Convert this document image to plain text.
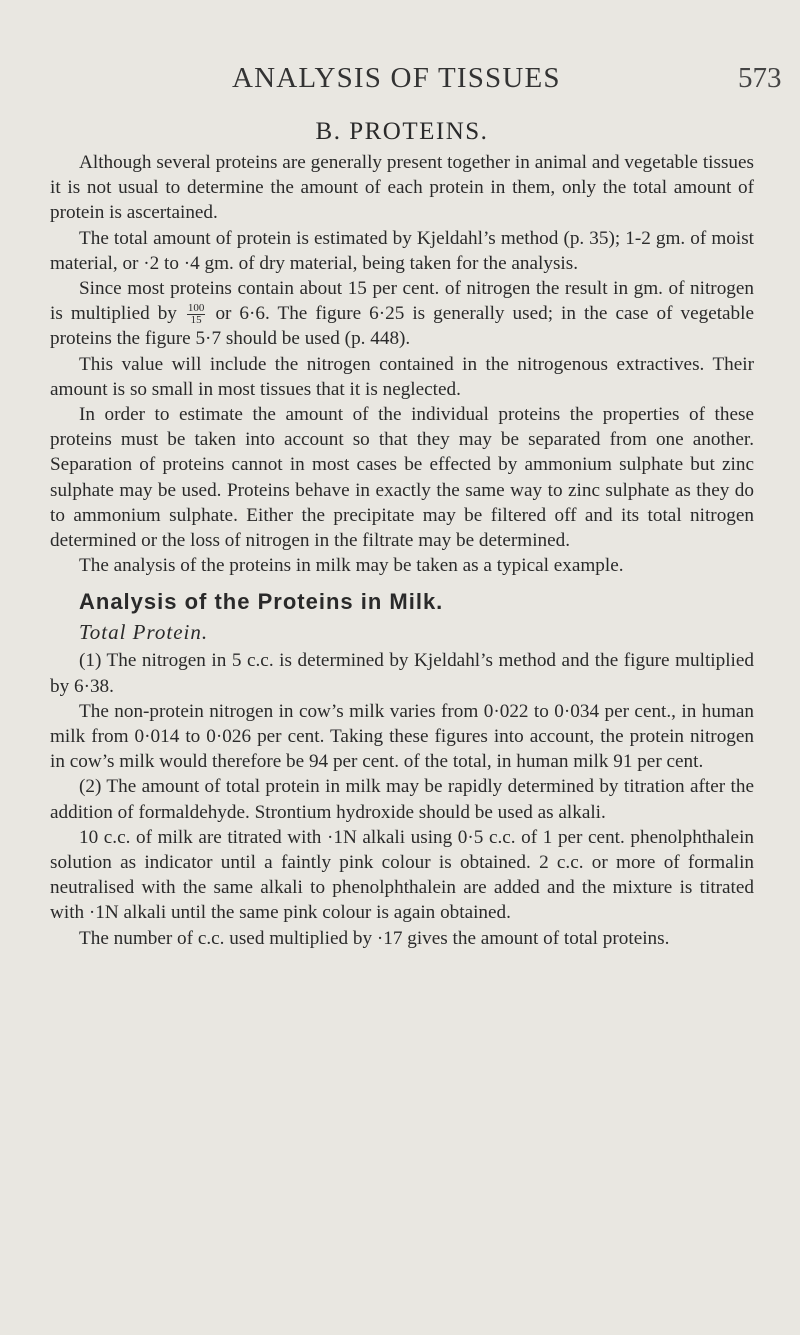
ANALYSIS OF TISSUES	573
B. PROTEINS.

Although several proteins are generally present together in animal and vegetable tissues it is not usual to determine the amount of each protein in them, only the total amount of protein is ascertained.

The total amount of protein is estimated by Kjeldahl’s method (p. 35); 1-2 gm. of moist material, or ·2 to ·4 gm. of dry material, being taken for the analysis.

Since most proteins contain about 15 per cent. of nitrogen the result in gm. of nitrogen is multiplied by $\frac{100}{15}$ or 6·6. The figure 6·25 is generally used; in the case of vegetable proteins the figure 5·7 should be used (p. 448).

This value will include the nitrogen contained in the nitrogenous extractives. Their amount is so small in most tissues that it is neglected.

In order to estimate the amount of the individual proteins the properties of these proteins must be taken into account so that they may be separated from one another. Separation of proteins cannot in most cases be effected by ammonium sulphate but zinc sulphate may be used. Proteins behave in exactly the same way to zinc sulphate as they do to ammonium sulphate. Either the precipitate may be filtered off and its total nitrogen determined or the loss of nitrogen in the filtrate may be determined.

The analysis of the proteins in milk may be taken as a typical example.

Analysis of the Proteins in Milk.
Total Protein.

(1) The nitrogen in 5 c.c. is determined by Kjeldahl’s method and the figure multiplied by 6·38.

The non-protein nitrogen in cow’s milk varies from 0·022 to 0·034 per cent., in human milk from 0·014 to 0·026 per cent. Taking these figures into account, the protein nitrogen in cow’s milk would therefore be 94 per cent. of the total, in human milk 91 per cent.

(2) The amount of total protein in milk may be rapidly determined by titration after the addition of formaldehyde. Strontium hydroxide should be used as alkali.

10 c.c. of milk are titrated with ·1N alkali using 0·5 c.c. of 1 per cent. phenolphthalein solution as indicator until a faintly pink colour is obtained. 2 c.c. or more of formalin neutralised with the same alkali to phenolphthalein are added and the mixture is titrated with ·1N alkali until the same pink colour is again obtained.

The number of c.c. used multiplied by ·17 gives the amount of total proteins.
